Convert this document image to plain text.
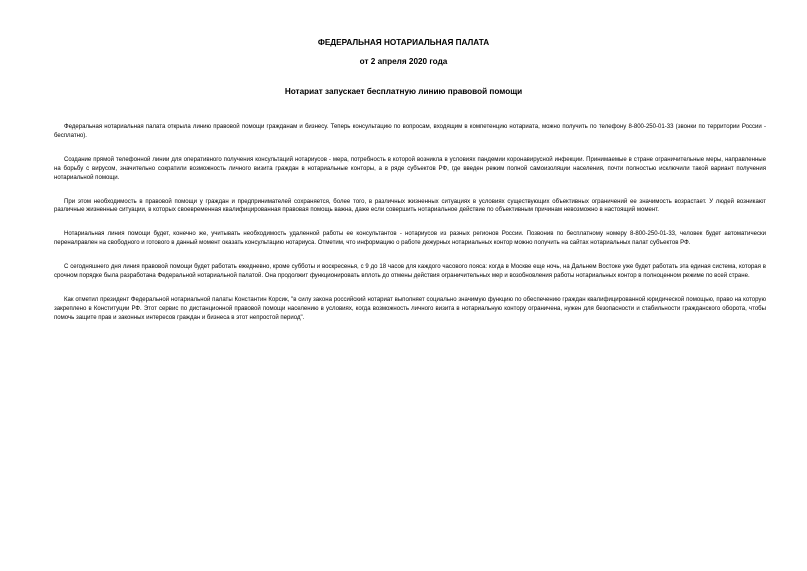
ФЕДЕРАЛЬНАЯ НОТАРИАЛЬНАЯ ПАЛАТА
от 2 апреля 2020 года
Нотариат запускает бесплатную линию правовой помощи

Федеральная нотариальная палата открыла линию правовой помощи гражданам и бизнесу. Теперь консультацию по вопросам, входящим в компетенцию нотариата, можно получить по телефону 8-800-250-01-33 (звонки по территории России - бесплатно).

Создание прямой телефонной линии для оперативного получения консультаций нотариусов - мера, потребность в которой возникла в условиях пандемии коронавирусной инфекции. Принимаемые в стране ограничительные меры, направленные на борьбу с вирусом, значительно сократили возможность личного визита граждан в нотариальные конторы, а в ряде субъектов РФ, где введен режим полной самоизоляции населения, почти полностью исключили такой вариант получения нотариальной помощи.

При этом необходимость в правовой помощи у граждан и предпринимателей сохраняется, более того, в различных жизненных ситуациях в условиях существующих объективных ограничений ее значимость возрастает. У людей возникают различные жизненные ситуации, в которых своевременная квалифицированная правовая помощь важна, даже если совершить нотариальное действие по объективным причинам невозможно в настоящий момент.

Нотариальная линия помощи будет, конечно же, учитывать необходимость удаленной работы ее консультантов - нотариусов из разных регионов России. Позвонив по бесплатному номеру 8-800-250-01-33, человек будет автоматически переналравлен на свободного и готового в данный момент оказать консультацию нотариуса. Отметим, что информацию о работе дежурных нотариальных контор можно получить на сайтах нотариальных палат субъектов РФ.

С сегодняшнего дня линия правовой помощи будет работать ежедневно, кроме субботы и воскресенья, с 9 до 18 часов для каждого часового пояса: когда в Москве еще ночь, на Дальнем Востоке уже будет работать эта единая система, которая в срочном порядке была разработана Федеральной нотариальной палатой. Она продолжит функционировать вплоть до отмены действия ограничительных мер и возобновления работы нотариальных контор в полноценном режиме по всей стране.

Как отметил президент Федеральной нотариальной палаты Константин Корсик, "в силу закона российский нотариат выполняет социально значимую функцию по обеспечению граждан квалифицированной юридической помощью, право на которую закреплено в Конституции РФ. Этот сервис по дистанционной правовой помощи населению в условиях, когда возможность личного визита в нотариальную контору ограничена, нужен для безопасности и стабильности гражданского оборота, чтобы помочь защите прав и законных интересов граждан и бизнеса в этот непростой период".
